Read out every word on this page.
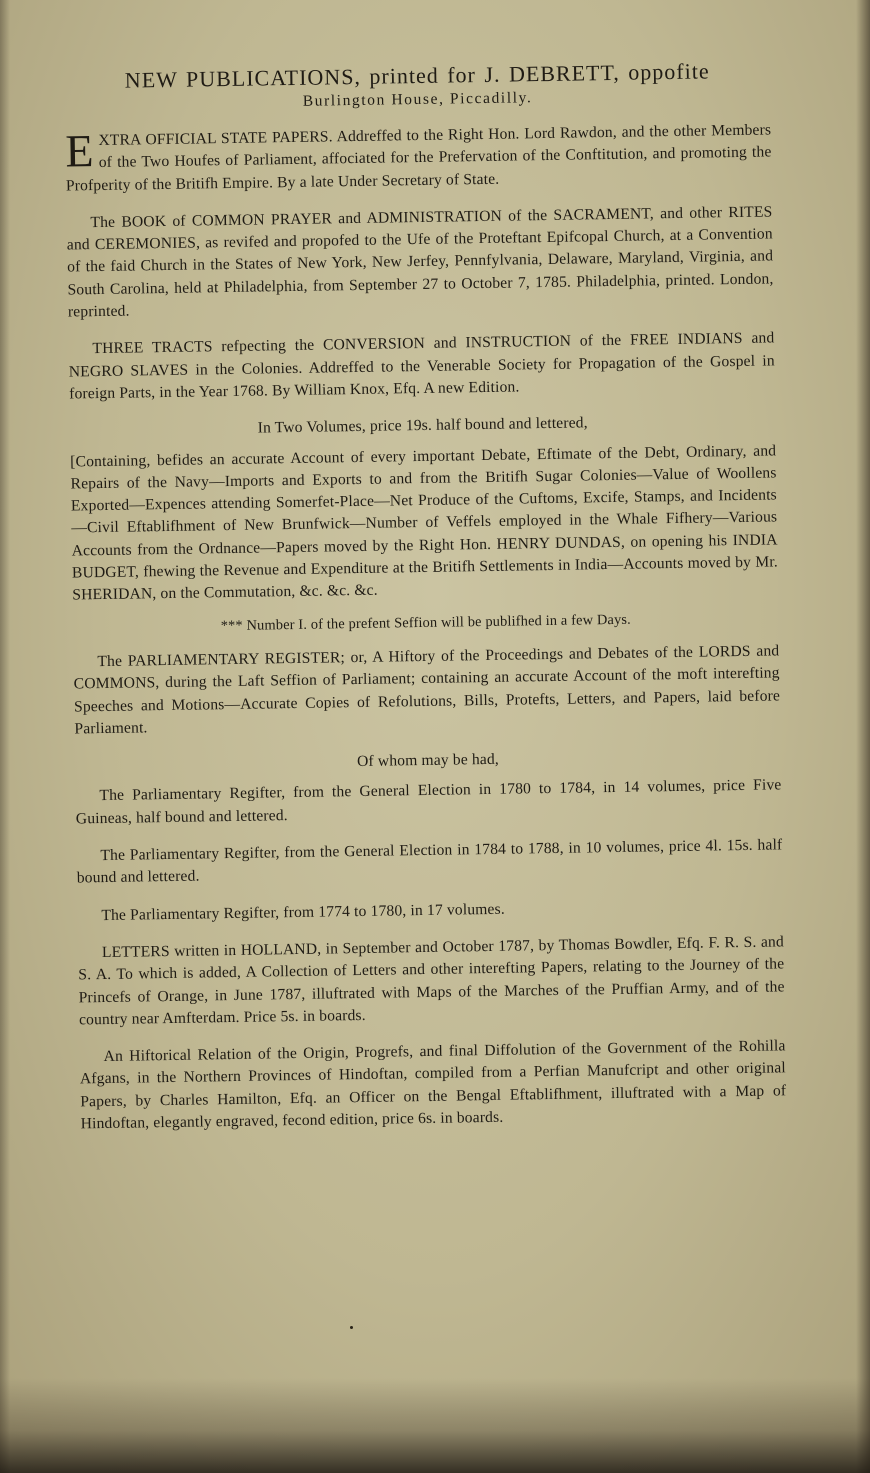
NEW PUBLICATIONS, printed for J. DEBRETT, oppofite
Burlington House, Piccadilly.

EXTRA OFFICIAL STATE PAPERS. Addreffed to the Right Hon. Lord Rawdon, and the other Members of the Two Houfes of Parliament, affociated for the Prefervation of the Conftitution, and promoting the Profperity of the Britifh Empire. By a late Under Secretary of State.

The BOOK of COMMON PRAYER and ADMINISTRATION of the SACRAMENT, and other RITES and CEREMONIES, as revifed and propofed to the Ufe of the Proteftant Epifcopal Church, at a Convention of the faid Church in the States of New York, New Jerfey, Pennfylvania, Delaware, Maryland, Virginia, and South Carolina, held at Philadelphia, from September 27 to October 7, 1785. Philadelphia, printed. London, reprinted.

THREE TRACTS refpecting the CONVERSION and INSTRUCTION of the FREE INDIANS and NEGRO SLAVES in the Colonies. Addreffed to the Venerable Society for Propagation of the Gospel in foreign Parts, in the Year 1768. By William Knox, Efq. A new Edition.

In Two Volumes, price 19s. half bound and lettered,

[Containing, befides an accurate Account of every important Debate, Eftimate of the Debt, Ordinary, and Repairs of the Navy—Imports and Exports to and from the Britifh Sugar Colonies—Value of Woollens Exported—Expences attending Somerfet-Place—Net Produce of the Cuftoms, Excife, Stamps, and Incidents—Civil Eftablifhment of New Brunfwick—Number of Veffels employed in the Whale Fifhery—Various Accounts from the Ordnance—Papers moved by the Right Hon. HENRY DUNDAS, on opening his INDIA BUDGET, fhewing the Revenue and Expenditure at the Britifh Settlements in India—Accounts moved by Mr. SHERIDAN, on the Commutation, &c. &c. &c.

*** Number I. of the prefent Seffion will be publifhed in a few Days.

The PARLIAMENTARY REGISTER; or, A Hiftory of the Proceedings and Debates of the LORDS and COMMONS, during the Laft Seffion of Parliament; containing an accurate Account of the moft interefting Speeches and Motions—Accurate Copies of Refolutions, Bills, Protefts, Letters, and Papers, laid before Parliament.

Of whom may be had,

The Parliamentary Regifter, from the General Election in 1780 to 1784, in 14 volumes, price Five Guineas, half bound and lettered.

The Parliamentary Regifter, from the General Election in 1784 to 1788, in 10 volumes, price 4l. 15s. half bound and lettered.

The Parliamentary Regifter, from 1774 to 1780, in 17 volumes.

LETTERS written in HOLLAND, in September and October 1787, by Thomas Bowdler, Efq. F. R. S. and S. A. To which is added, A Collection of Letters and other interefting Papers, relating to the Journey of the Princefs of Orange, in June 1787, illuftrated with Maps of the Marches of the Pruffian Army, and of the country near Amfterdam. Price 5s. in boards.

An Hiftorical Relation of the Origin, Progrefs, and final Diffolution of the Government of the Rohilla Afgans, in the Northern Provinces of Hindoftan, compiled from a Perfian Manufcript and other original Papers, by Charles Hamilton, Efq. an Officer on the Bengal Eftablifhment, illuftrated with a Map of Hindoftan, elegantly engraved, fecond edition, price 6s. in boards.
